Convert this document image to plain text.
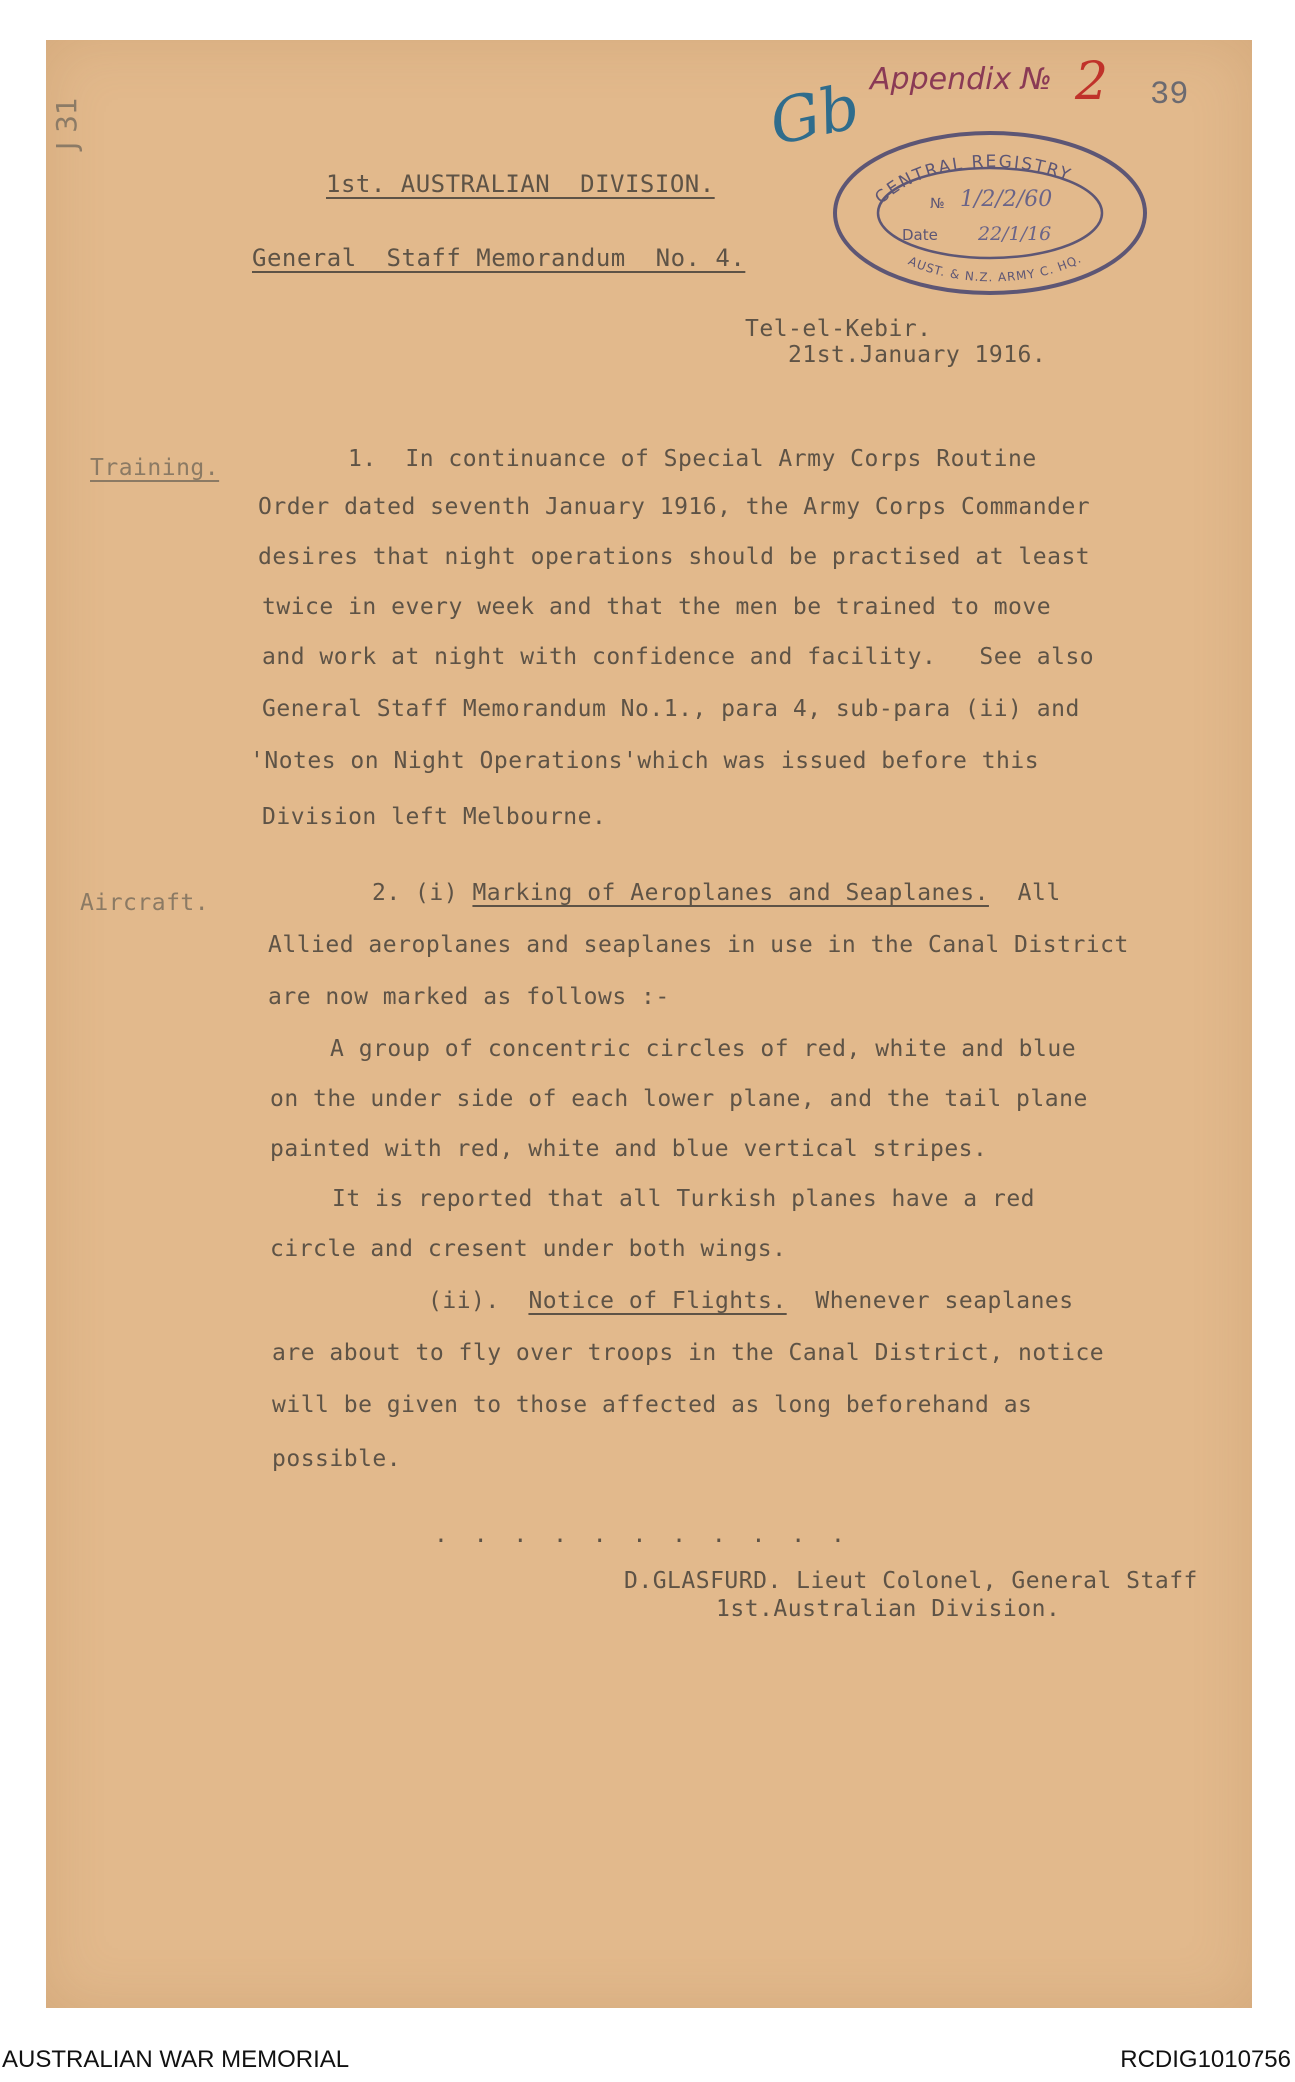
J 31	Gb Appendix № 2 39
CENTRAL REGISTRY
AUST. & N.Z. ARMY C. HQ.
№ 1/2/2/60
Date 22/1/16
1st. AUSTRALIAN  DIVISION.
General  Staff Memorandum  No. 4.
Tel-el-Kebir.
21st.January 1916.
Training.	1.  In continuance of Special Army Corps Routine
Order dated seventh January 1916, the Army Corps Commander
desires that night operations should be practised at least
twice in every week and that the men be trained to move
and work at night with confidence and facility.   See also
General Staff Memorandum No.1., para 4, sub-para (ii) and
'Notes on Night Operations'which was issued before this
Division left Melbourne.
Aircraft.	2. (i) Marking of Aeroplanes and Seaplanes.  All
Allied aeroplanes and seaplanes in use in the Canal District
are now marked as follows :-
A group of concentric circles of red, white and blue
on the under side of each lower plane, and the tail plane
painted with red, white and blue vertical stripes.
It is reported that all Turkish planes have a red
circle and cresent under both wings.
(ii).  Notice of Flights.  Whenever seaplanes
are about to fly over troops in the Canal District, notice
will be given to those affected as long beforehand as
possible.
. . . . . . . . . . .
D.GLASFURD. Lieut Colonel, General Staff
1st.Australian Division.
AUSTRALIAN WAR MEMORIAL	RCDIG1010756
